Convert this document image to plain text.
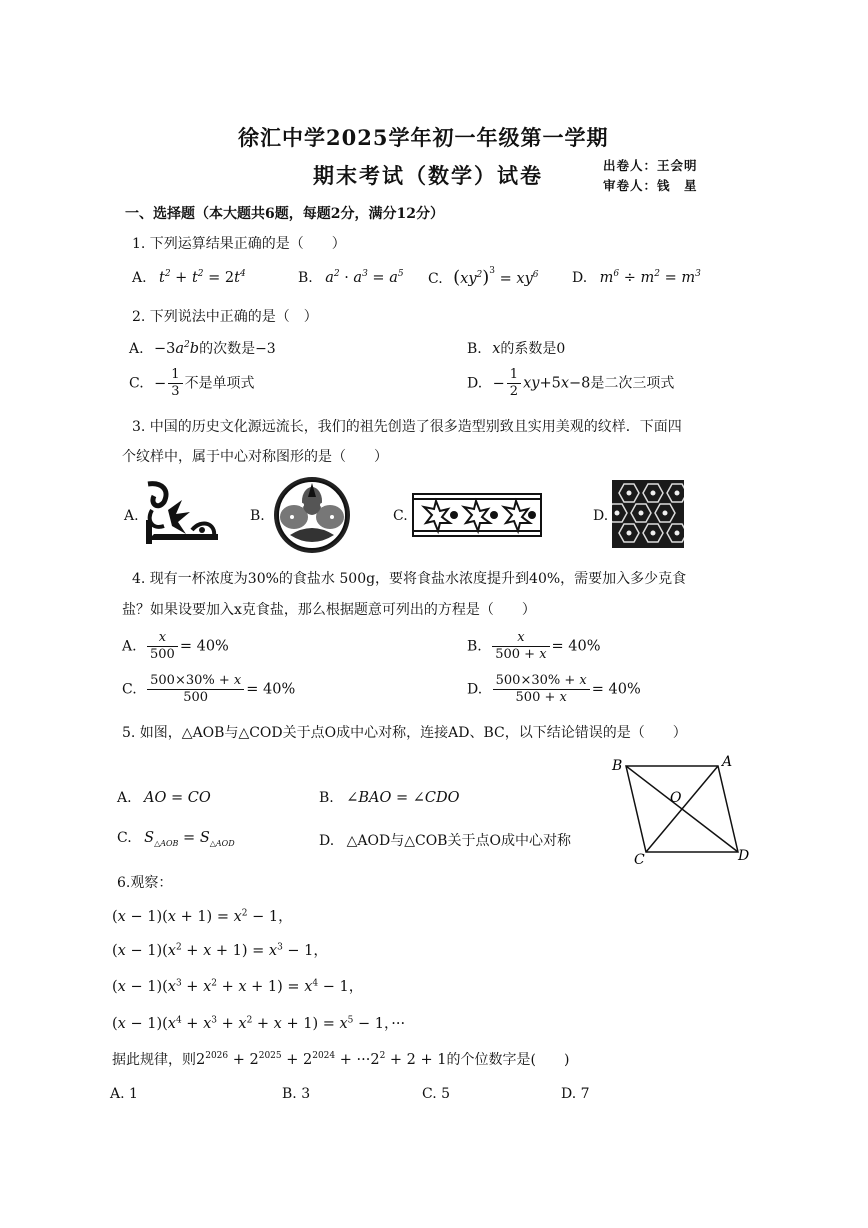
徐汇中学2025学年初一年级第一学期
期末考试（数学）试卷	出卷人：王会明
审卷人：钱　星
一、选择题（本大题共6题，每题2分，满分12分）
1. 下列运算结果正确的是（　　）
A. $t^2 + t^2 = 2t^4$	B. $a^2 \cdot a^3 = a^5$ C. $(xy^2)^3 = xy^6$ D. $m^6 \div m^2 = m^3$
2. 下列说法中正确的是（　）
A. $-3a^2b$的次数是−3	B. x的系数是0
C. − $\frac{1}{3}$ 不是单项式	D. − $\frac{1}{2} xy+5x-8$是二次三项式
3. 中国的历史文化源远流长，我们的祖先创造了很多造型别致且实用美观的纹样．下面四
个纹样中，属于中心对称图形的是（　　）
A.	B.	C.	D.
4. 现有一杯浓度为30%的食盐水 500g，要将食盐水浓度提升到40%，需要加入多少克食
盐？如果设要加入x克食盐，那么根据题意可列出的方程是（　　）
A. $\frac{x}{500} = 40\%$	B. $\frac{x}{500 + x} = 40\%$
C. $\frac{500\times 30\% + x}{500} = 40\%$	D. $\frac{500\times 30\% + x}{500 + x} = 40\%$
5. 如图，△AOB与△COD关于点O成中心对称，连接AD、BC，以下结论错误的是（　　）
A. AO = CO	B. ∠BAO = ∠CDO
C. $S_{\triangle AOB} = S_{\triangle AOD}$	D. △AOD与△COB关于点O成中心对称
B	A
O
C	D
6.观察：
$(x - 1)(x + 1) = x^2 - 1$，
$(x - 1)(x^2 + x + 1) = x^3 - 1$，
$(x - 1)(x^3 + x^2 + x + 1) = x^4 - 1$，
$(x - 1)(x^4 + x^3 + x^2 + x + 1) = x^5 - 1$，···
据此规律，则$2^{2026} + 2^{2025} + 2^{2024} + \cdot\cdot\cdot 2^2 + 2 + 1$的个位数字是(　　)
A. 1	B. 3	C. 5	D. 7
